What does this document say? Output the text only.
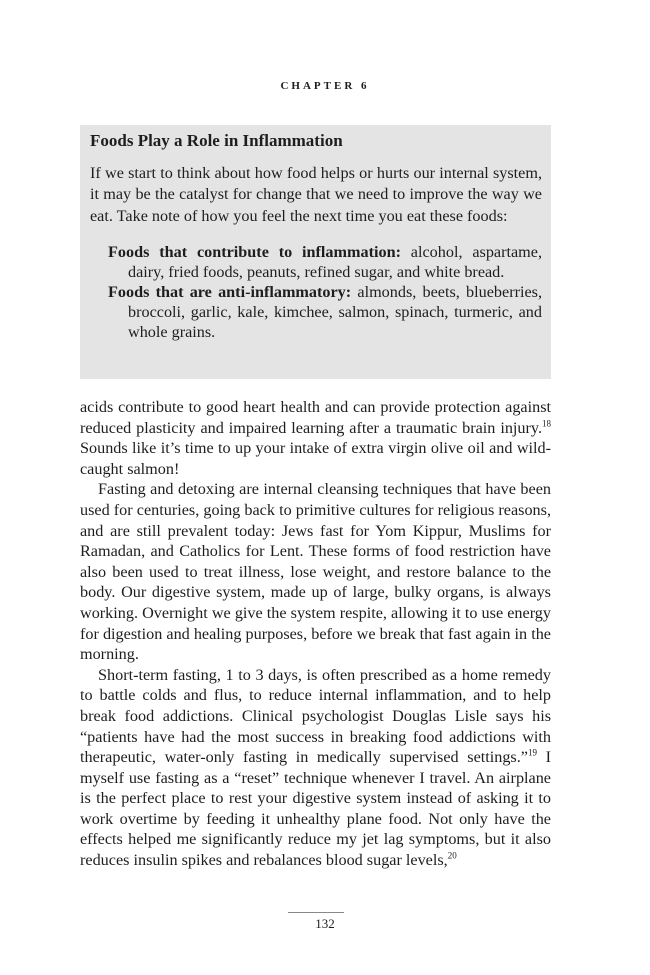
CHAPTER 6
Foods Play a Role in Inflammation

If we start to think about how food helps or hurts our internal system, it may be the catalyst for change that we need to improve the way we eat. Take note of how you feel the next time you eat these foods:

Foods that contribute to inflammation: alcohol, aspartame, dairy, fried foods, peanuts, refined sugar, and white bread.
Foods that are anti-inflammatory: almonds, beets, blueberries, broccoli, garlic, kale, kimchee, salmon, spinach, turmeric, and whole grains.

acids contribute to good heart health and can provide protection against reduced plasticity and impaired learning after a traumatic brain injury.$^{18}$ Sounds like it’s time to up your intake of extra virgin olive oil and wild-caught salmon!

Fasting and detoxing are internal cleansing techniques that have been used for centuries, going back to primitive cultures for religious reasons, and are still prevalent today: Jews fast for Yom Kippur, Muslims for Ramadan, and Catholics for Lent. These forms of food restriction have also been used to treat illness, lose weight, and restore balance to the body. Our digestive system, made up of large, bulky organs, is always working. Overnight we give the system respite, allowing it to use energy for digestion and healing purposes, before we break that fast again in the morning.

Short-term fasting, 1 to 3 days, is often prescribed as a home remedy to battle colds and flus, to reduce internal inflammation, and to help break food addictions. Clinical psychologist Douglas Lisle says his “patients have had the most success in breaking food addictions with therapeutic, water-only fasting in medically supervised settings.”$^{19}$ I myself use fasting as a “reset” technique whenever I travel. An airplane is the perfect place to rest your digestive system instead of asking it to work overtime by feeding it unhealthy plane food. Not only have the effects helped me significantly reduce my jet lag symptoms, but it also reduces insulin spikes and rebalances blood sugar levels,$^{20}$

132
